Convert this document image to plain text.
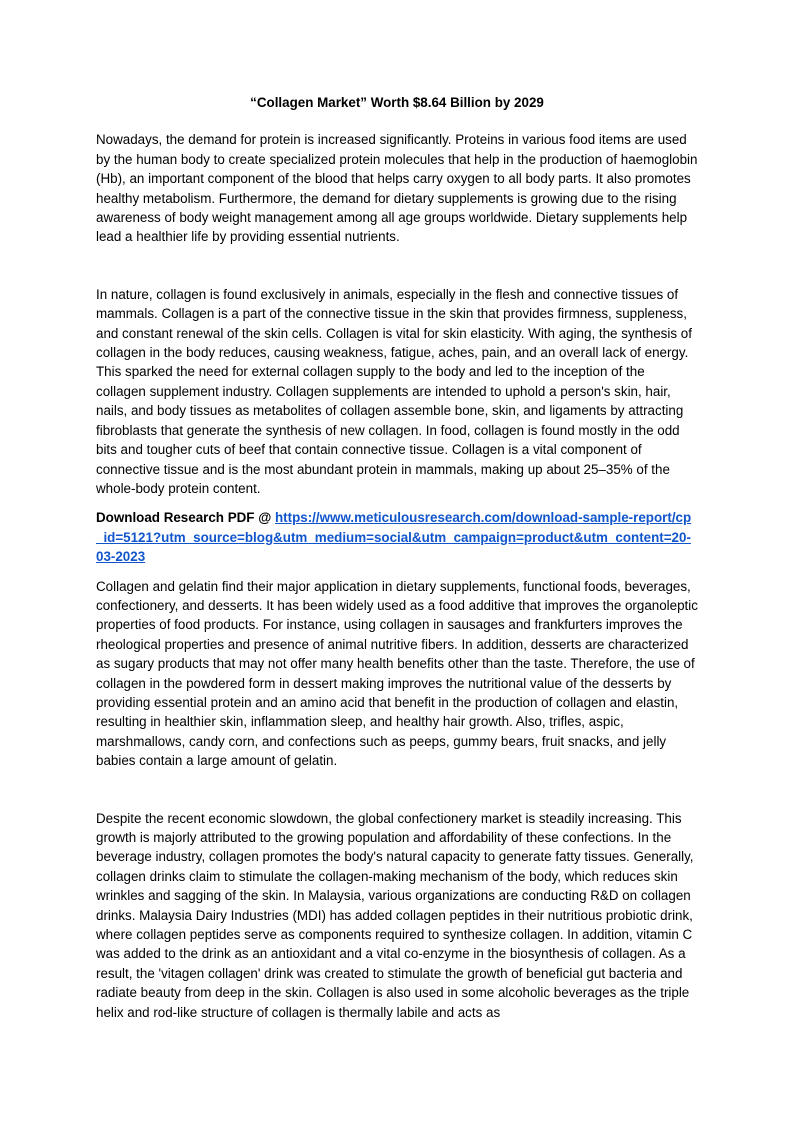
“Collagen Market” Worth $8.64 Billion by 2029

Nowadays, the demand for protein is increased significantly. Proteins in various food items are used by the human body to create specialized protein molecules that help in the production of haemoglobin (Hb), an important component of the blood that helps carry oxygen to all body parts. It also promotes healthy metabolism. Furthermore, the demand for dietary supplements is growing due to the rising awareness of body weight management among all age groups worldwide. Dietary supplements help lead a healthier life by providing essential nutrients.

In nature, collagen is found exclusively in animals, especially in the flesh and connective tissues of mammals. Collagen is a part of the connective tissue in the skin that provides firmness, suppleness, and constant renewal of the skin cells. Collagen is vital for skin elasticity. With aging, the synthesis of collagen in the body reduces, causing weakness, fatigue, aches, pain, and an overall lack of energy. This sparked the need for external collagen supply to the body and led to the inception of the collagen supplement industry. Collagen supplements are intended to uphold a person's skin, hair, nails, and body tissues as metabolites of collagen assemble bone, skin, and ligaments by attracting fibroblasts that generate the synthesis of new collagen. In food, collagen is found mostly in the odd bits and tougher cuts of beef that contain connective tissue. Collagen is a vital component of connective tissue and is the most abundant protein in mammals, making up about 25–35% of the whole-body protein content.

Download Research PDF @ https://www.meticulousresearch.com/download-sample-report/cp_id=5121?utm_source=blog&utm_medium=social&utm_campaign=product&utm_content=20-03-2023

Collagen and gelatin find their major application in dietary supplements, functional foods, beverages, confectionery, and desserts. It has been widely used as a food additive that improves the organoleptic properties of food products. For instance, using collagen in sausages and frankfurters improves the rheological properties and presence of animal nutritive fibers. In addition, desserts are characterized as sugary products that may not offer many health benefits other than the taste. Therefore, the use of collagen in the powdered form in dessert making improves the nutritional value of the desserts by providing essential protein and an amino acid that benefit in the production of collagen and elastin, resulting in healthier skin, inflammation sleep, and healthy hair growth. Also, trifles, aspic, marshmallows, candy corn, and confections such as peeps, gummy bears, fruit snacks, and jelly babies contain a large amount of gelatin.

Despite the recent economic slowdown, the global confectionery market is steadily increasing. This growth is majorly attributed to the growing population and affordability of these confections. In the beverage industry, collagen promotes the body's natural capacity to generate fatty tissues. Generally, collagen drinks claim to stimulate the collagen-making mechanism of the body, which reduces skin wrinkles and sagging of the skin. In Malaysia, various organizations are conducting R&D on collagen drinks. Malaysia Dairy Industries (MDI) has added collagen peptides in their nutritious probiotic drink, where collagen peptides serve as components required to synthesize collagen. In addition, vitamin C was added to the drink as an antioxidant and a vital co-enzyme in the biosynthesis of collagen. As a result, the 'vitagen collagen' drink was created to stimulate the growth of beneficial gut bacteria and radiate beauty from deep in the skin. Collagen is also used in some alcoholic beverages as the triple helix and rod-like structure of collagen is thermally labile and acts as
